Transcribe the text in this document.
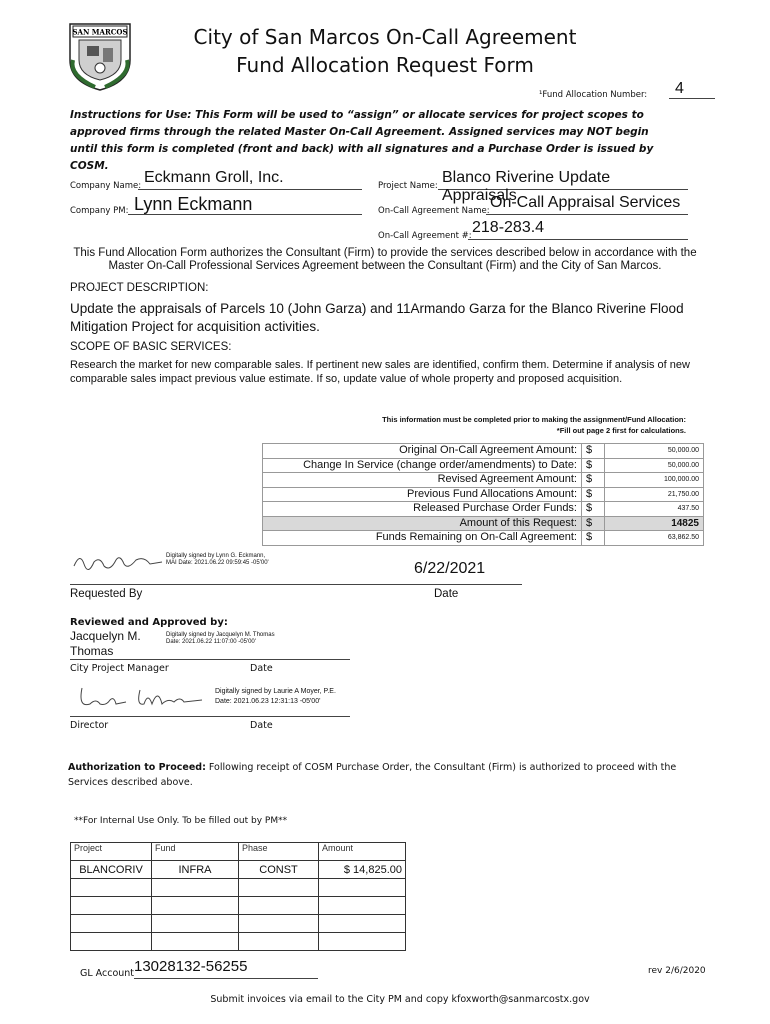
SAN MARCOS	City of San Marcos On-Call Agreement
Fund Allocation Request Form
¹Fund Allocation Number: 4
Instructions for Use: This Form will be used to “assign” or allocate services for project scopes to approved firms through the related Master On-Call Agreement. Assigned services may NOT begin until this form is completed (front and back) with all signatures and a Purchase Order is issued by COSM.
Company Name: Eckmann Groll, Inc.
Company PM: Lynn Eckmann
Project Name: Blanco Riverine Update Appraisals
On-Call Agreement Name: On-Call Appraisal Services
On-Call Agreement #: 218-283.4
This Fund Allocation Form authorizes the Consultant (Firm) to provide the services described below in accordance with the Master On-Call Professional Services Agreement between the Consultant (Firm) and the City of San Marcos.
PROJECT DESCRIPTION:
Update the appraisals of Parcels 10 (John Garza) and 11Armando Garza for the Blanco Riverine Flood Mitigation Project for acquisition activities.
SCOPE OF BASIC SERVICES:
Research the market for new comparable sales. If pertinent new sales are identified, confirm them. Determine if analysis of new comparable sales impact previous value estimate. If so, update value of whole property and proposed acquisition.
This information must be completed prior to making the assignment/Fund Allocation:
*Fill out page 2 first for calculations.
Original On-Call Agreement Amount:	$	50,000.00
Change In Service (change order/amendments) to Date:	$	50,000.00
Revised Agreement Amount:	$	100,000.00
Previous Fund Allocations Amount:	$	21,750.00
Released Purchase Order Funds:	$	437.50
Amount of this Request:	$	14825
Funds Remaining on On-Call Agreement:	$	63,862.50
Digitally signed by Lynn G. Eckmann, MAI Date: 2021.06.22 09:59:45 -05'00'	6/22/2021
Requested By	Date
Reviewed and Approved by:
Jacquelyn M.
Thomas
Digitally signed by Jacquelyn M. Thomas Date: 2021.06.22 11:07:00 -05'00'
City Project Manager	Date
Digitally signed by Laurie A Moyer, P.E.
Date: 2021.06.23 12:31:13 -05'00'
Director	Date
Authorization to Proceed: Following receipt of COSM Purchase Order, the Consultant (Firm) is authorized to proceed with the Services described above.
**For Internal Use Only. To be filled out by PM**
Project	Fund	Phase	Amount
BLANCORIV	INFRA	CONST	$ 14,825.00

GL Account 13028132-56255	rev 2/6/2020
Submit invoices via email to the City PM and copy kfoxworth@sanmarcostx.gov
